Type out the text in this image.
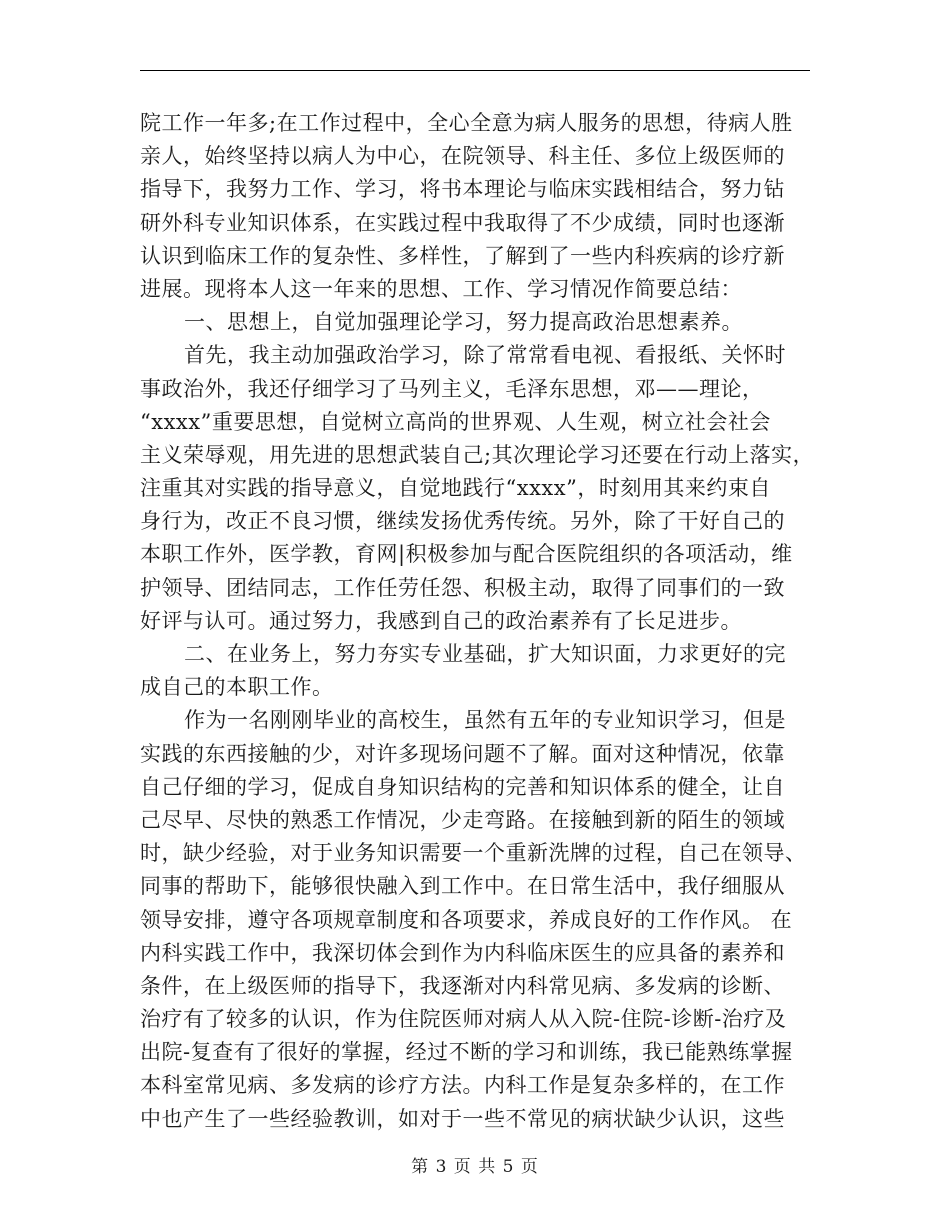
院工作一年多;在工作过程中，全心全意为病人服务的思想，待病人胜
亲人，始终坚持以病人为中心，在院领导、科主任、多位上级医师的
指导下，我努力工作、学习，将书本理论与临床实践相结合，努力钻
研外科专业知识体系，在实践过程中我取得了不少成绩，同时也逐渐
认识到临床工作的复杂性、多样性，了解到了一些内科疾病的诊疗新
进展。现将本人这一年来的思想、工作、学习情况作简要总结：
一、思想上，自觉加强理论学习，努力提高政治思想素养。
首先，我主动加强政治学习，除了常常看电视、看报纸、关怀时
事政治外，我还仔细学习了马列主义，毛泽东思想，邓——理论，
“xxxx”重要思想，自觉树立高尚的世界观、人生观，树立社会社会
主义荣辱观，用先进的思想武装自己;其次理论学习还要在行动上落实，
注重其对实践的指导意义，自觉地践行“xxxx”，时刻用其来约束自
身行为，改正不良习惯，继续发扬优秀传统。另外，除了干好自己的
本职工作外，医学教，育网|积极参加与配合医院组织的各项活动，维
护领导、团结同志，工作任劳任怨、积极主动，取得了同事们的一致
好评与认可。通过努力，我感到自己的政治素养有了长足进步。
二、在业务上，努力夯实专业基础，扩大知识面，力求更好的完
成自己的本职工作。
作为一名刚刚毕业的高校生，虽然有五年的专业知识学习，但是
实践的东西接触的少，对许多现场问题不了解。面对这种情况，依靠
自己仔细的学习，促成自身知识结构的完善和知识体系的健全，让自
己尽早、尽快的熟悉工作情况，少走弯路。在接触到新的陌生的领域
时，缺少经验，对于业务知识需要一个重新洗牌的过程，自己在领导、
同事的帮助下，能够很快融入到工作中。在日常生活中，我仔细服从
领导安排，遵守各项规章制度和各项要求，养成良好的工作作风。 在
内科实践工作中，我深切体会到作为内科临床医生的应具备的素养和
条件，在上级医师的指导下，我逐渐对内科常见病、多发病的诊断、
治疗有了较多的认识，作为住院医师对病人从入院-住院-诊断-治疗及
出院-复查有了很好的掌握，经过不断的学习和训练，我已能熟练掌握
本科室常见病、多发病的诊疗方法。内科工作是复杂多样的，在工作
中也产生了一些经验教训，如对于一些不常见的病状缺少认识，这些
第 3 页 共 5 页
